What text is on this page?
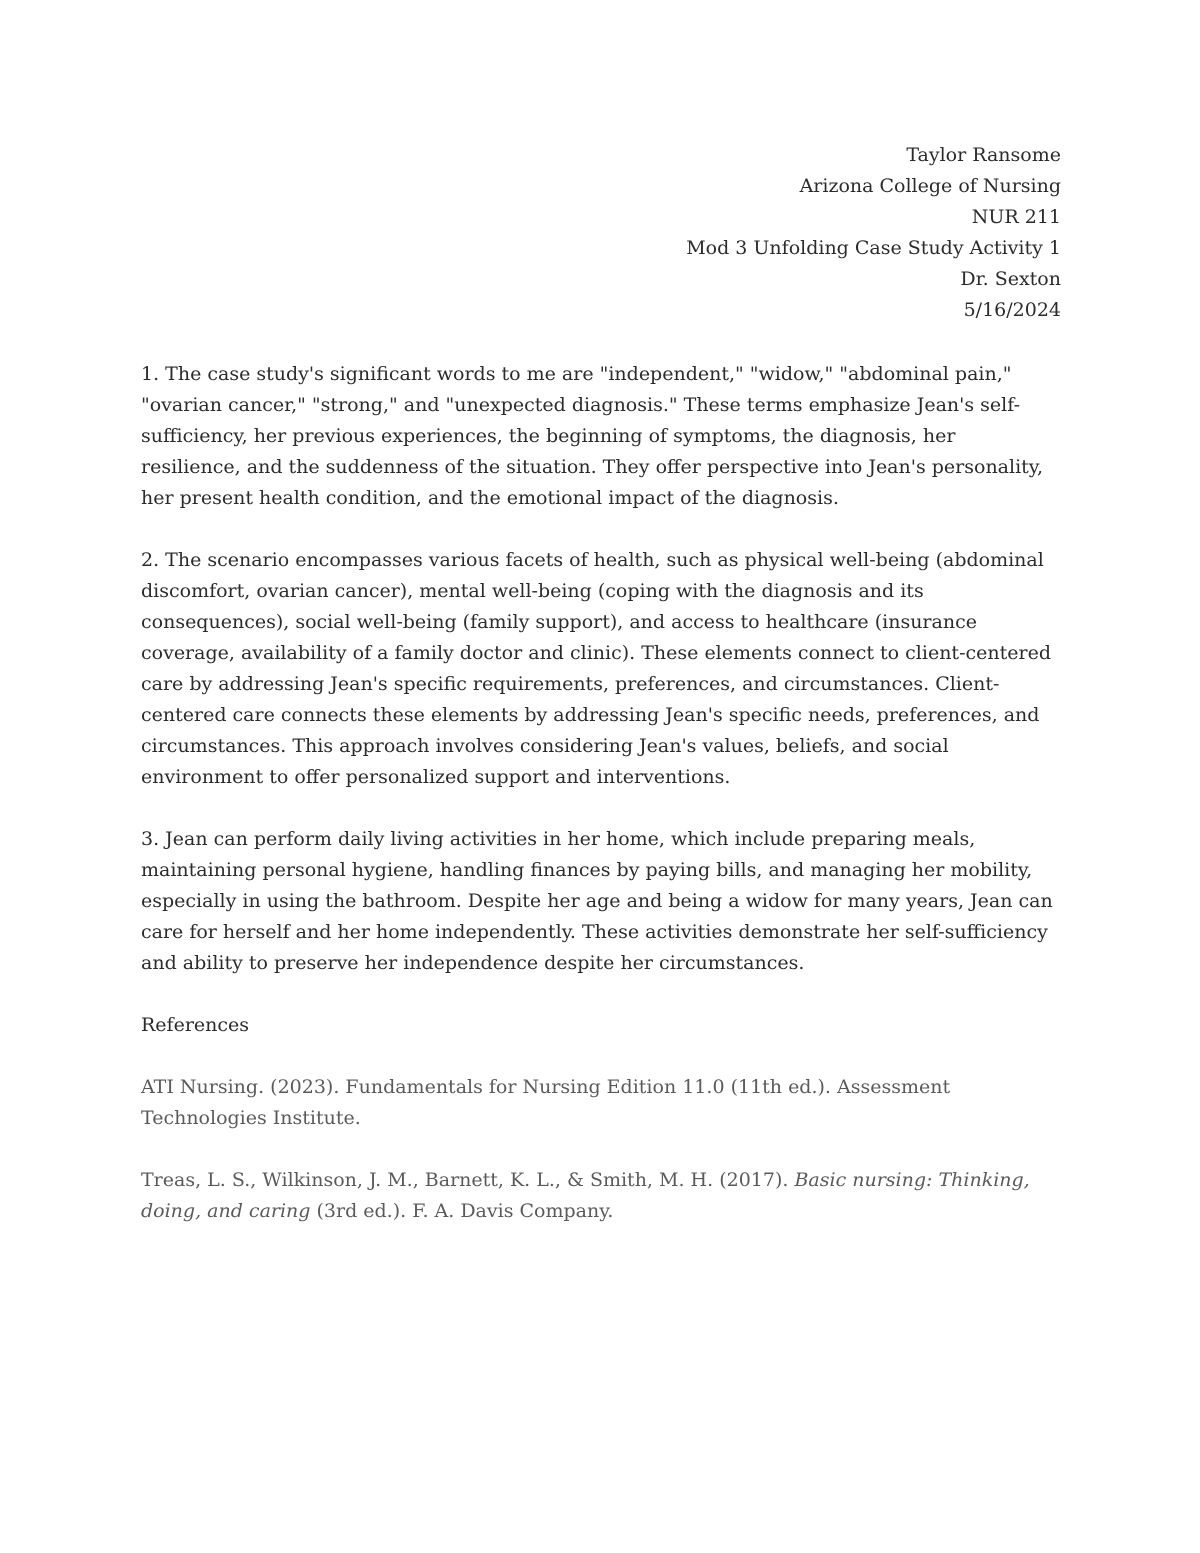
Taylor Ransome
Arizona College of Nursing
NUR 211
Mod 3 Unfolding Case Study Activity 1
Dr. Sexton
5/16/2024

1. The case study's significant words to me are "independent," "widow," "abdominal pain," "ovarian cancer," "strong," and "unexpected diagnosis." These terms emphasize Jean's self-sufficiency, her previous experiences, the beginning of symptoms, the diagnosis, her resilience, and the suddenness of the situation. They offer perspective into Jean's personality, her present health condition, and the emotional impact of the diagnosis.

2. The scenario encompasses various facets of health, such as physical well-being (abdominal discomfort, ovarian cancer), mental well-being (coping with the diagnosis and its consequences), social well-being (family support), and access to healthcare (insurance coverage, availability of a family doctor and clinic). These elements connect to client-centered care by addressing Jean's specific requirements, preferences, and circumstances. Client-centered care connects these elements by addressing Jean's specific needs, preferences, and circumstances. This approach involves considering Jean's values, beliefs, and social environment to offer personalized support and interventions.

3. Jean can perform daily living activities in her home, which include preparing meals, maintaining personal hygiene, handling finances by paying bills, and managing her mobility, especially in using the bathroom. Despite her age and being a widow for many years, Jean can care for herself and her home independently. These activities demonstrate her self-sufficiency and ability to preserve her independence despite her circumstances.

References

ATI Nursing. (2023). Fundamentals for Nursing Edition 11.0 (11th ed.). Assessment Technologies Institute.

Treas, L. S., Wilkinson, J. M., Barnett, K. L., & Smith, M. H. (2017). Basic nursing: Thinking, doing, and caring (3rd ed.). F. A. Davis Company.
